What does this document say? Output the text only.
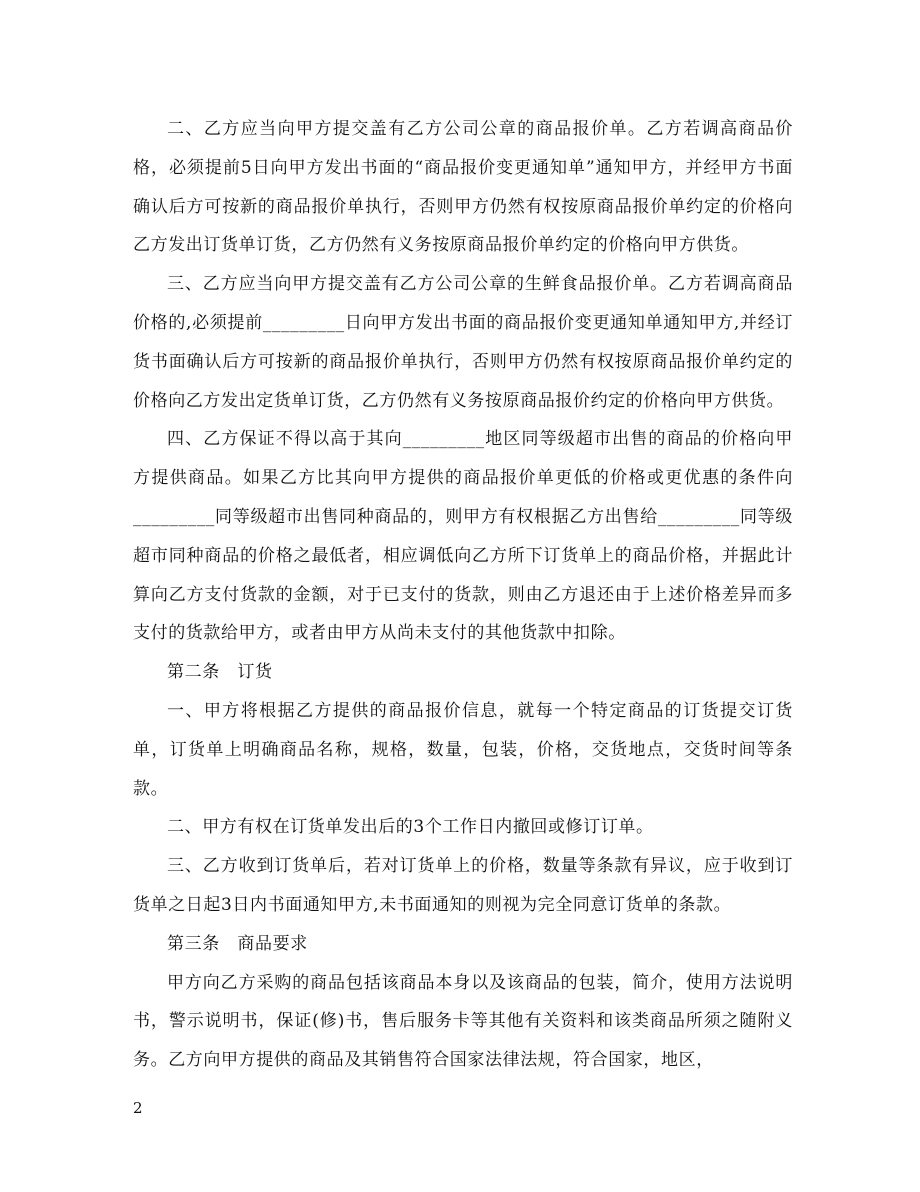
二、乙方应当向甲方提交盖有乙方公司公章的商品报价单。乙方若调高商品价格，必须提前5日向甲方发出书面的“商品报价变更通知单”通知甲方，并经甲方书面确认后方可按新的商品报价单执行，否则甲方仍然有权按原商品报价单约定的价格向乙方发出订货单订货，乙方仍然有义务按原商品报价单约定的价格向甲方供货。

三、乙方应当向甲方提交盖有乙方公司公章的生鲜食品报价单。乙方若调高商品价格的,必须提前_________日向甲方发出书面的商品报价变更通知单通知甲方,并经订货书面确认后方可按新的商品报价单执行，否则甲方仍然有权按原商品报价单约定的价格向乙方发出定货单订货，乙方仍然有义务按原商品报价约定的价格向甲方供货。

四、乙方保证不得以高于其向_________地区同等级超市出售的商品的价格向甲方提供商品。如果乙方比其向甲方提供的商品报价单更低的价格或更优惠的条件向_________同等级超市出售同种商品的，则甲方有权根据乙方出售给_________同等级超市同种商品的价格之最低者，相应调低向乙方所下订货单上的商品价格，并据此计算向乙方支付货款的金额，对于已支付的货款，则由乙方退还由于上述价格差异而多支付的货款给甲方，或者由甲方从尚未支付的其他货款中扣除。

第二条　订货

一、甲方将根据乙方提供的商品报价信息，就每一个特定商品的订货提交订货单，订货单上明确商品名称，规格，数量，包装，价格，交货地点，交货时间等条款。

二、甲方有权在订货单发出后的3个工作日内撤回或修订订单。

三、乙方收到订货单后，若对订货单上的价格，数量等条款有异议，应于收到订货单之日起3日内书面通知甲方,未书面通知的则视为完全同意订货单的条款。

第三条　商品要求

甲方向乙方采购的商品包括该商品本身以及该商品的包装，简介，使用方法说明书，警示说明书，保证(修)书，售后服务卡等其他有关资料和该类商品所须之随附义务。乙方向甲方提供的商品及其销售符合国家法律法规，符合国家，地区，

2
